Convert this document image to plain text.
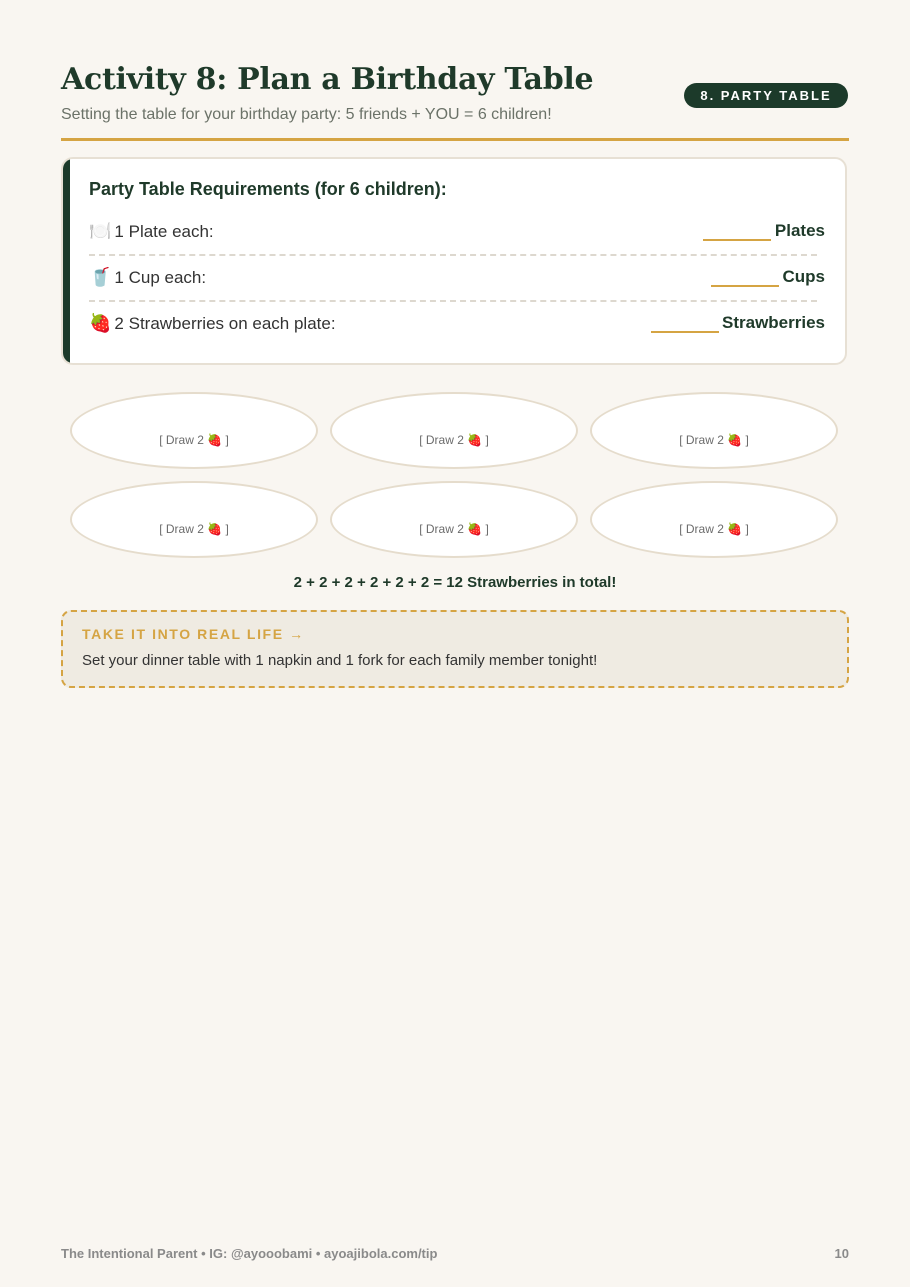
Activity 8: Plan a Birthday Table
Setting the table for your birthday party: 5 friends + YOU = 6 children!
8. PARTY TABLE
Party Table Requirements (for 6 children):
🍽️ 1 Plate each:	Plates
🥤 1 Cup each:	Cups
🍓 2 Strawberries on each plate:	Strawberries
[ Draw 2 🍓 ]	[ Draw 2 🍓 ]	[ Draw 2 🍓 ]
[ Draw 2 🍓 ]	[ Draw 2 🍓 ]	[ Draw 2 🍓 ]
2 + 2 + 2 + 2 + 2 + 2 = 12 Strawberries in total!
TAKE IT INTO REAL LIFE →
Set your dinner table with 1 napkin and 1 fork for each family member tonight!
The Intentional Parent • IG: @ayooobami • ayoajibola.com/tip	10
